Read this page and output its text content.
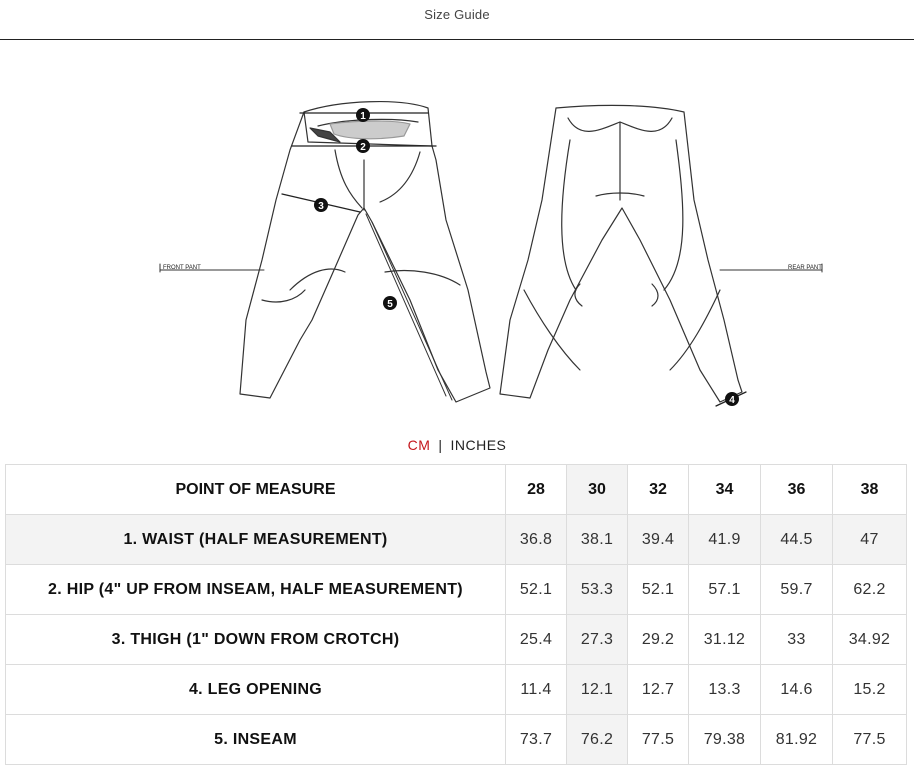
Size Guide
FRONT PANT	REAR PANT
1
2
3
4
5
CM | INCHES
POINT OF MEASURE	28	30	32	34	36	38
1. WAIST (HALF MEASUREMENT)	36.8	38.1	39.4	41.9	44.5	47
2. HIP (4" UP FROM INSEAM, HALF MEASUREMENT)	52.1	53.3	52.1	57.1	59.7	62.2
3. THIGH (1" DOWN FROM CROTCH)	25.4	27.3	29.2	31.12	33	34.92
4. LEG OPENING	11.4	12.1	12.7	13.3	14.6	15.2
5. INSEAM	73.7	76.2	77.5	79.38	81.92	77.5
